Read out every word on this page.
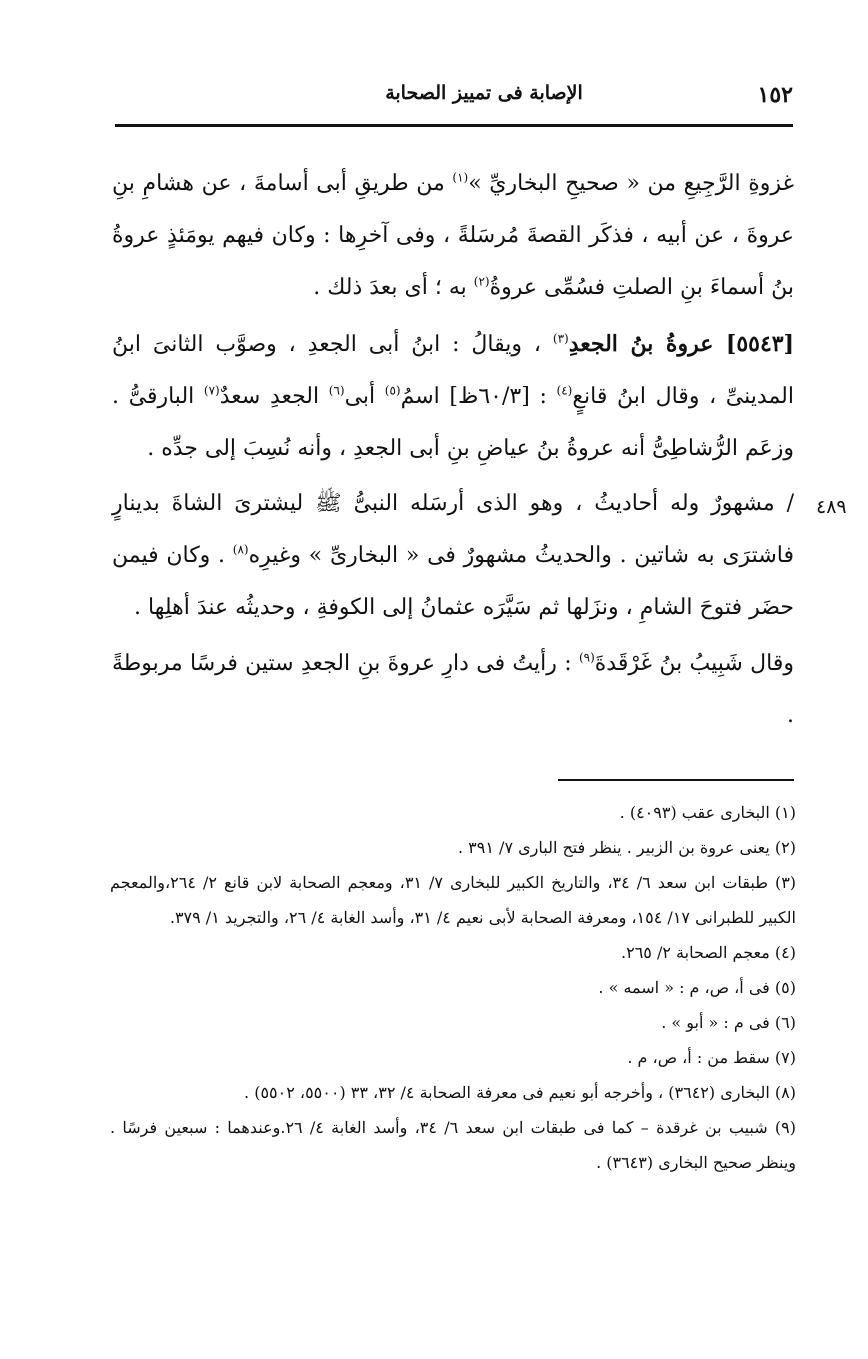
١٥٢
الإصابة فى تمييز الصحابة
غزوةِ الرَّجِيعِ من « صحيحِ البخاريِّ »$^{(١)}$ من طريقِ أبى أسامةَ ، عن هشامِ بنِ عروةَ ، عن أبيه ، فذكَر القصةَ مُرسَلةً ، وفى آخرِها : وكان فيهم يومَئذٍ عروةُ بنُ أسماءَ بنِ الصلتِ فسُمِّى عروةُ$^{(٢)}$ به ؛ أى بعدَ ذلك .
[٥٥٤٣] عروةُ بنُ الجعدِ$^{(٣)}$ ، ويقالُ : ابنُ أبى الجعدِ ، وصوَّب الثانىَ ابنُ المدينىِّ ، وقال ابنُ قانعٍ$^{(٤)}$ : [٦٠/٣ظ] اسمُ$^{(٥)}$ أبى$^{(٦)}$ الجعدِ سعدٌ$^{(٧)}$ البارقىُّ . وزعَم الرُّشاطِىُّ أنه عروةُ بنُ عياضِ بنِ أبى الجعدِ ، وأنه نُسِبَ إلى جدِّه .
٤٨٩
/ مشهورٌ وله أحاديثُ ، وهو الذى أرسَله النبىُّ ﷺ ليشترىَ الشاةَ بدينارٍ فاشترَى به شاتين . والحديثُ مشهورٌ فى « البخارىِّ » وغيرِه$^{(٨)}$ . وكان فيمن حضَر فتوحَ الشامِ ، ونزَلها ثم سَيَّرَه عثمانُ إلى الكوفةِ ، وحديثُه عندَ أهلِها .
وقال شَبِيبُ بنُ غَرْقَدةَ$^{(٩)}$ : رأيتُ فى دارِ عروةَ بنِ الجعدِ ستين فرسًا مربوطةً .

(١) البخارى عقب (٤٠٩٣) .

(٢) يعنى عروة بن الزبير . ينظر فتح البارى ٧/ ٣٩١ .

(٣) طبقات ابن سعد ٦/ ٣٤، والتاريخ الكبير للبخارى ٧/ ٣١، ومعجم الصحابة لابن قانع ٢/ ٢٦٤،والمعجم الكبير للطبرانى ١٧/ ١٥٤، ومعرفة الصحابة لأبى نعيم ٤/ ٣١، وأسد الغابة ٤/ ٢٦، والتجريد ١/ ٣٧٩.

(٤) معجم الصحابة ٢/ ٢٦٥.

(٥) فى أ، ص، م : « اسمه » .

(٦) فى م : « أبو » .

(٧) سقط من : أ، ص، م .

(٨) البخارى (٣٦٤٢) ، وأخرجه أبو نعيم فى معرفة الصحابة ٤/ ٣٢، ٣٣ (٥٥٠٠، ٥٥٠٢) .

(٩) شبيب بن غرقدة – كما فى طبقات ابن سعد ٦/ ٣٤، وأسد الغابة ٤/ ٢٦.وعندهما : سبعين فرسًا . وينظر صحيح البخارى (٣٦٤٣) .
